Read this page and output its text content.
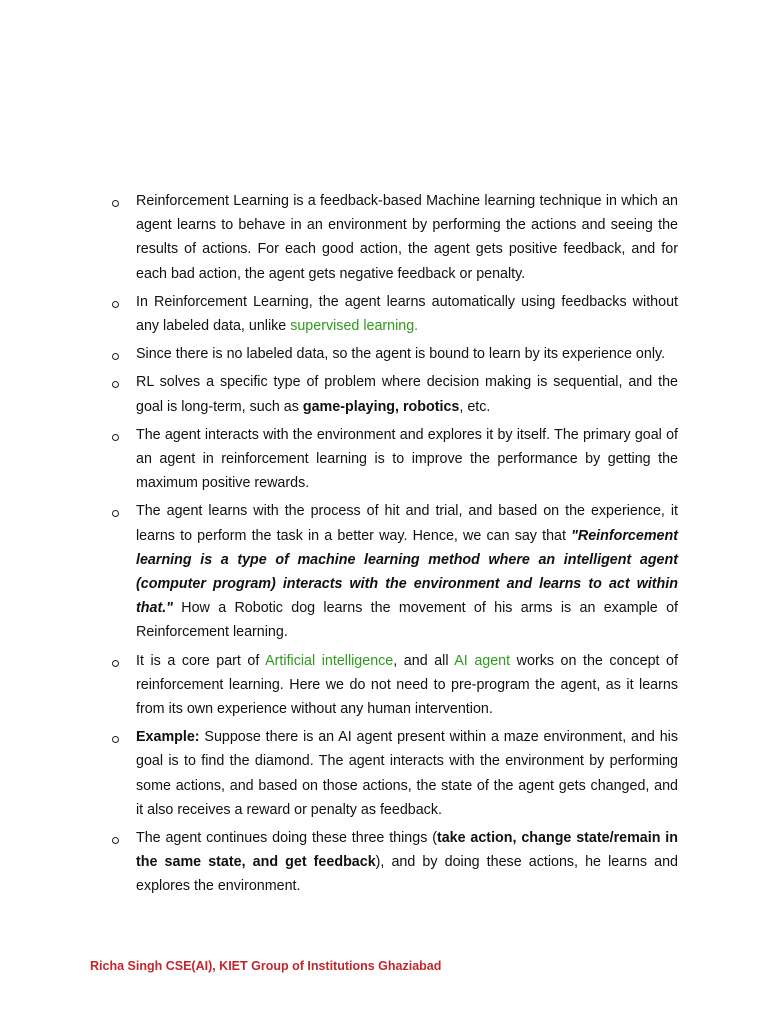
Reinforcement Learning is a feedback-based Machine learning technique in which an agent learns to behave in an environment by performing the actions and seeing the results of actions. For each good action, the agent gets positive feedback, and for each bad action, the agent gets negative feedback or penalty.
In Reinforcement Learning, the agent learns automatically using feedbacks without any labeled data, unlike supervised learning.
Since there is no labeled data, so the agent is bound to learn by its experience only.
RL solves a specific type of problem where decision making is sequential, and the goal is long-term, such as game-playing, robotics, etc.
The agent interacts with the environment and explores it by itself. The primary goal of an agent in reinforcement learning is to improve the performance by getting the maximum positive rewards.
The agent learns with the process of hit and trial, and based on the experience, it learns to perform the task in a better way. Hence, we can say that "Reinforcement learning is a type of machine learning method where an intelligent agent (computer program) interacts with the environment and learns to act within that." How a Robotic dog learns the movement of his arms is an example of Reinforcement learning.
It is a core part of Artificial intelligence, and all AI agent works on the concept of reinforcement learning. Here we do not need to pre-program the agent, as it learns from its own experience without any human intervention.
Example: Suppose there is an AI agent present within a maze environment, and his goal is to find the diamond. The agent interacts with the environment by performing some actions, and based on those actions, the state of the agent gets changed, and it also receives a reward or penalty as feedback.
The agent continues doing these three things (take action, change state/remain in the same state, and get feedback), and by doing these actions, he learns and explores the environment.
Richa Singh CSE(AI), KIET Group of Institutions Ghaziabad
